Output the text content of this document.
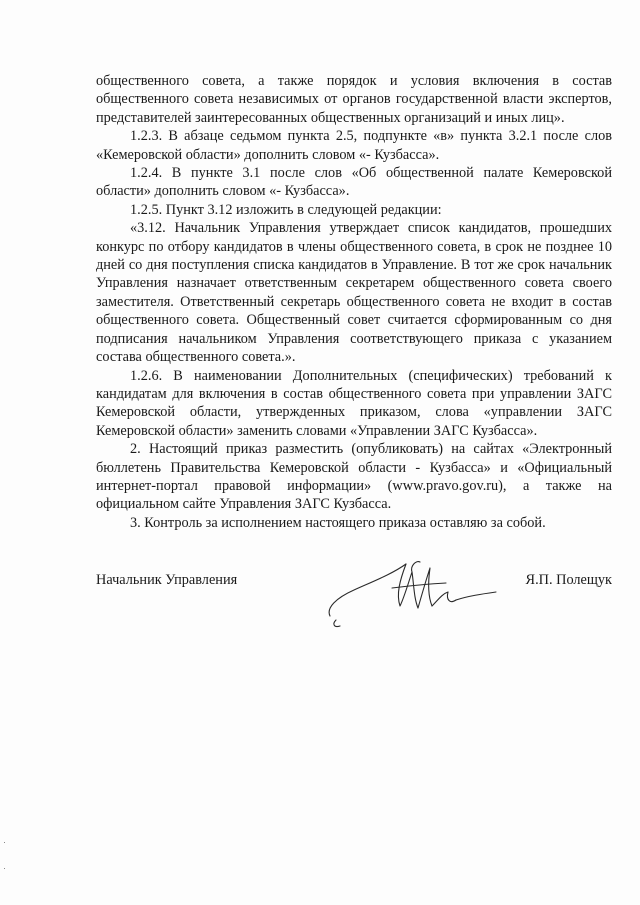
общественного совета, а также порядок и условия включения в состав общественного совета независимых от органов государственной власти экспертов, представителей заинтересованных общественных организаций и иных лиц».

1.2.3. В абзаце седьмом пункта 2.5, подпункте «в» пункта 3.2.1 после слов «Кемеровской области» дополнить словом «- Кузбасса».

1.2.4. В пункте 3.1 после слов «Об общественной палате Кемеровской области» дополнить словом «- Кузбасса».

1.2.5. Пункт 3.12 изложить в следующей редакции:

«3.12. Начальник Управления утверждает список кандидатов, прошедших конкурс по отбору кандидатов в члены общественного совета, в срок не позднее 10 дней со дня поступления списка кандидатов в Управление. В тот же срок начальник Управления назначает ответственным секретарем общественного совета своего заместителя. Ответственный секретарь общественного совета не входит в состав общественного совета. Общественный совет считается сформированным со дня подписания начальником Управления соответствующего приказа с указанием состава общественного совета.».

1.2.6. В наименовании Дополнительных (специфических) требований к кандидатам для включения в состав общественного совета при управлении ЗАГС Кемеровской области, утвержденных приказом, слова «управлении ЗАГС Кемеровской области» заменить словами «Управлении ЗАГС Кузбасса».

2. Настоящий приказ разместить (опубликовать) на сайтах «Электронный бюллетень Правительства Кемеровской области - Кузбасса» и «Официальный интернет-портал правовой информации» (www.pravo.gov.ru), а также на официальном сайте Управления ЗАГС Кузбасса.

3. Контроль за исполнением настоящего приказа оставляю за собой.

Начальник Управления	Я.П. Полещук
